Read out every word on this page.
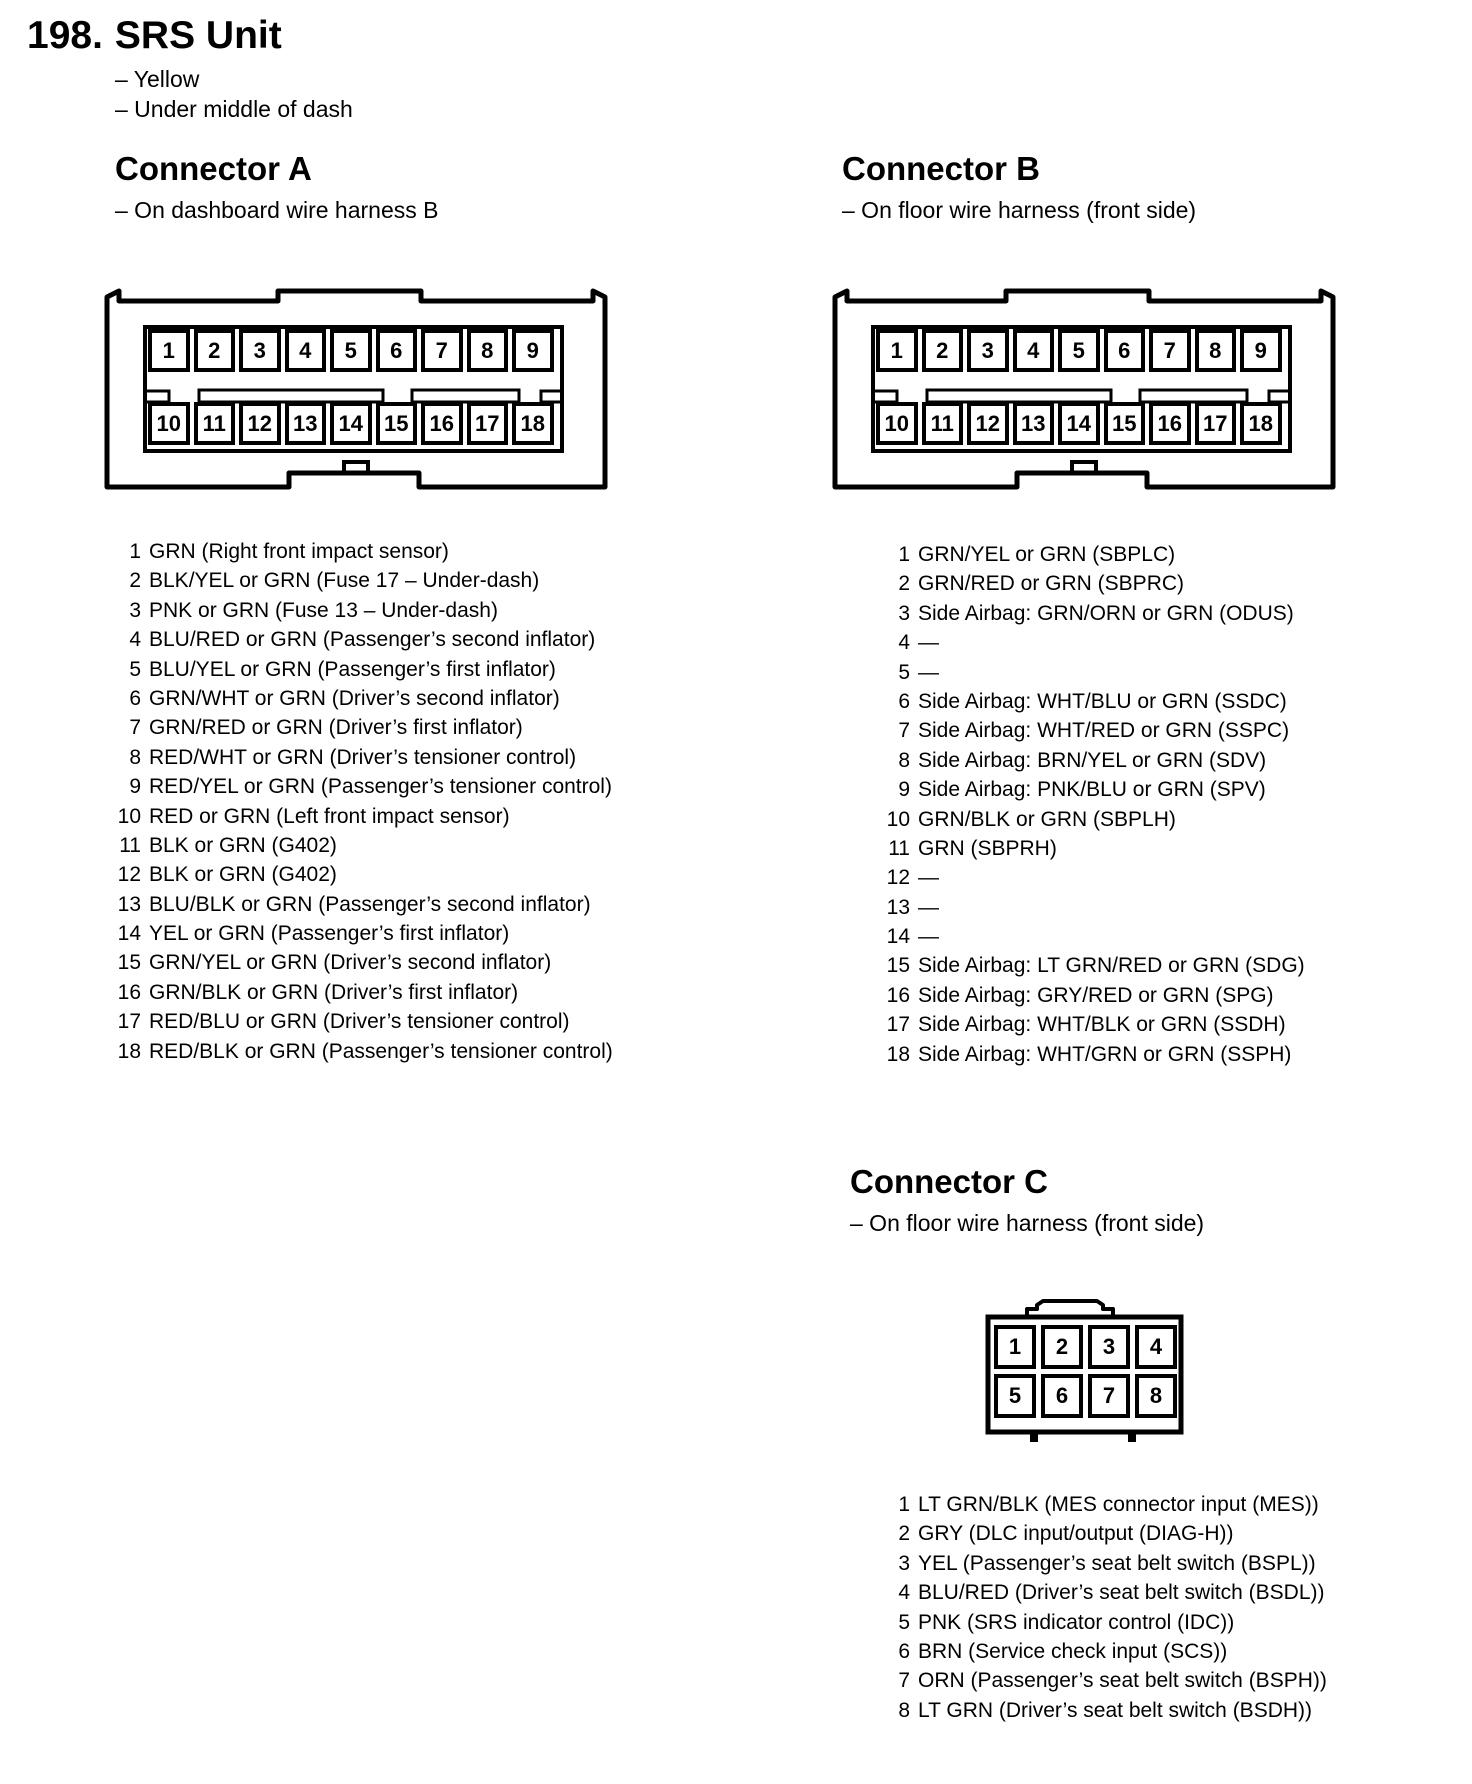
198. SRS Unit
– Yellow
– Under middle of dash
Connector A
– On dashboard wire harness B
1	2	3	4	5	6	7	8	9
10 11 12 13 14 15 16 17 18
1 GRN (Right front impact sensor)
2 BLK/YEL or GRN (Fuse 17 – Under-dash)
3 PNK or GRN (Fuse 13 – Under-dash)
4 BLU/RED or GRN (Passenger’s second inflator)
5 BLU/YEL or GRN (Passenger’s first inflator)
6 GRN/WHT or GRN (Driver’s second inflator)
7 GRN/RED or GRN (Driver’s first inflator)
8 RED/WHT or GRN (Driver’s tensioner control)
9 RED/YEL or GRN (Passenger’s tensioner control)
10 RED or GRN (Left front impact sensor)
11 BLK or GRN (G402)
12 BLK or GRN (G402)
13 BLU/BLK or GRN (Passenger’s second inflator)
14 YEL or GRN (Passenger’s first inflator)
15 GRN/YEL or GRN (Driver’s second inflator)
16 GRN/BLK or GRN (Driver’s first inflator)
17 RED/BLU or GRN (Driver’s tensioner control)
18 RED/BLK or GRN (Passenger’s tensioner control)
Connector B
– On floor wire harness (front side)
1	2	3	4	5	6	7	8	9
10 11 12 13 14 15 16 17 18
1 GRN/YEL or GRN (SBPLC)
2 GRN/RED or GRN (SBPRC)
3 Side Airbag: GRN/ORN or GRN (ODUS)
4 —
5 —
6 Side Airbag: WHT/BLU or GRN (SSDC)
7 Side Airbag: WHT/RED or GRN (SSPC)
8 Side Airbag: BRN/YEL or GRN (SDV)
9 Side Airbag: PNK/BLU or GRN (SPV)
10 GRN/BLK or GRN (SBPLH)
11 GRN (SBPRH)
12 —
13 —
14 —
15 Side Airbag: LT GRN/RED or GRN (SDG)
16 Side Airbag: GRY/RED or GRN (SPG)
17 Side Airbag: WHT/BLK or GRN (SSDH)
18 Side Airbag: WHT/GRN or GRN (SSPH)
Connector C
– On floor wire harness (front side)
1	2	3	4
5	6	7	8
1 LT GRN/BLK (MES connector input (MES))
2 GRY (DLC input/output (DIAG-H))
3 YEL (Passenger’s seat belt switch (BSPL))
4 BLU/RED (Driver’s seat belt switch (BSDL))
5 PNK (SRS indicator control (IDC))
6 BRN (Service check input (SCS))
7 ORN (Passenger’s seat belt switch (BSPH))
8 LT GRN (Driver’s seat belt switch (BSDH))
